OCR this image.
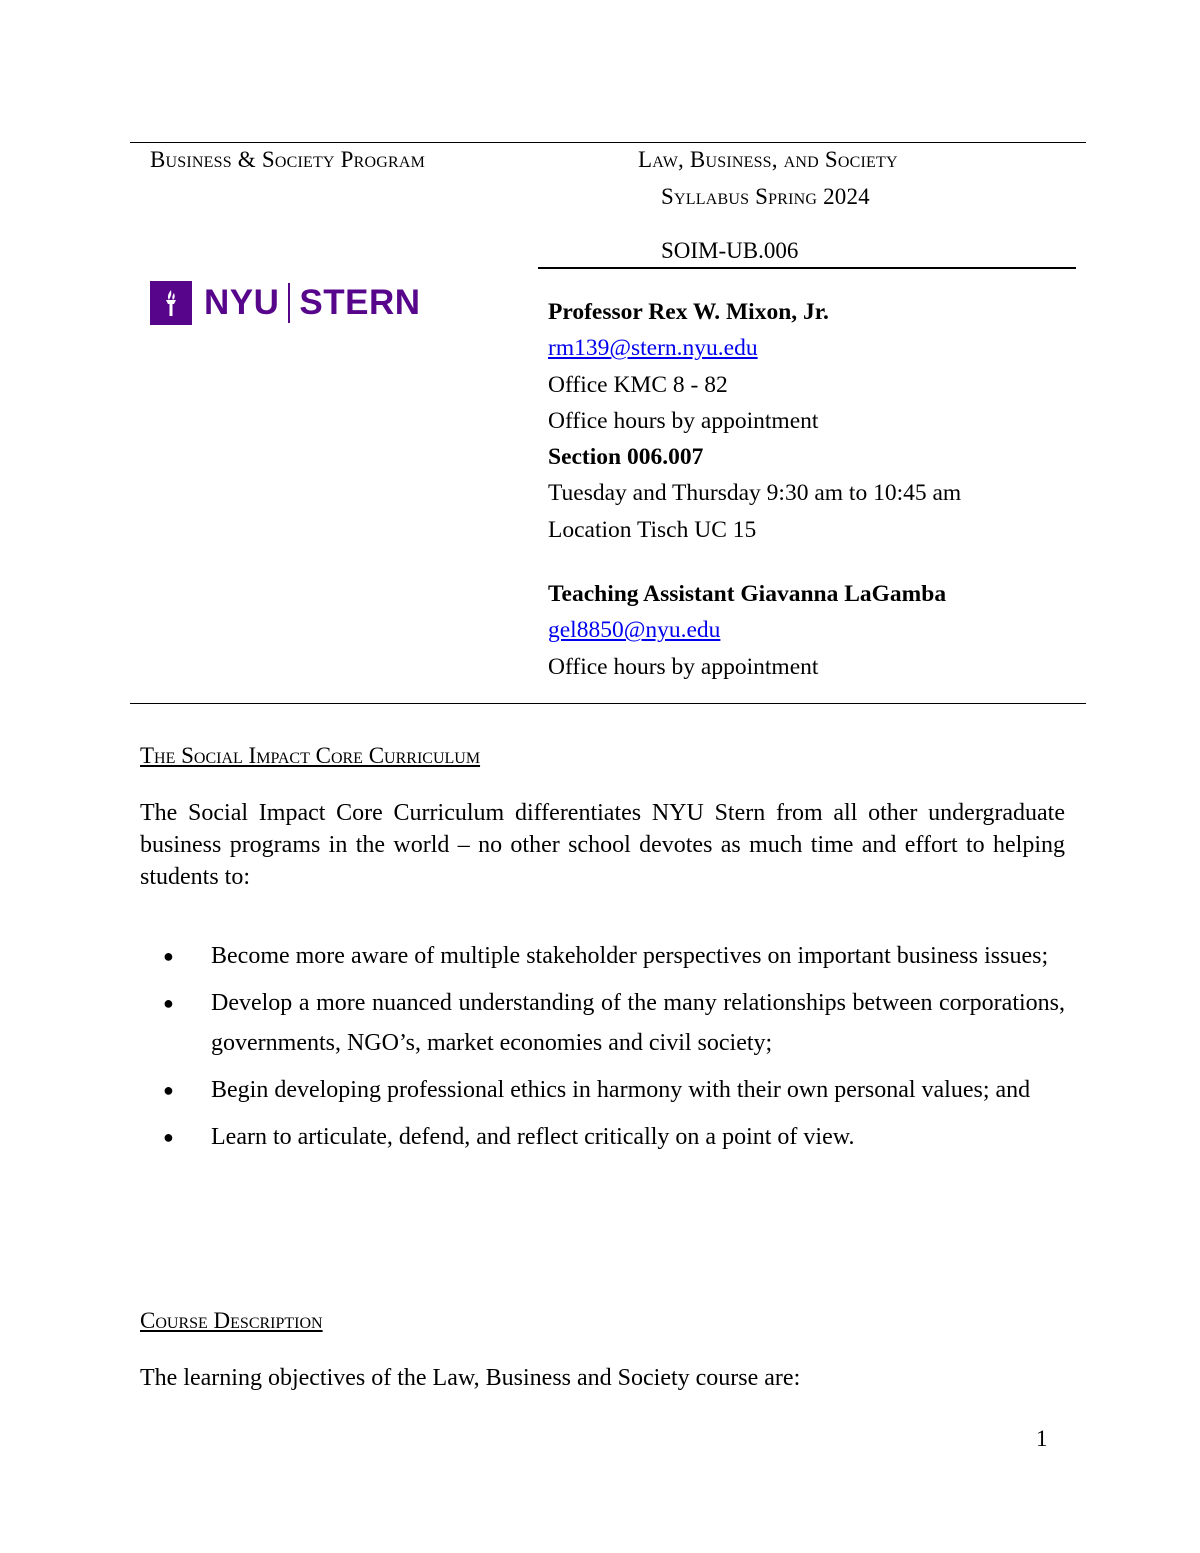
Business & Society Program	Law, Business, and Society
Syllabus Spring 2024
SOIM-UB.006
NYU STERN	Professor Rex W. Mixon, Jr.
rm139@stern.nyu.edu
Office KMC 8 - 82
Office hours by appointment
Section 006.007
Tuesday and Thursday 9:30 am to 10:45 am
Location Tisch UC 15
Teaching Assistant Giavanna LaGamba
gel8850@nyu.edu
Office hours by appointment
The Social Impact Core Curriculum
The Social Impact Core Curriculum differentiates NYU Stern from all other undergraduate business programs in the world – no other school devotes as much time and effort to helping students to:
●	Become more aware of multiple stakeholder perspectives on important business issues;
●	Develop a more nuanced understanding of the many relationships between corporations, governments, NGO’s, market economies and civil society;
●	Begin developing professional ethics in harmony with their own personal values; and
●	Learn to articulate, defend, and reflect critically on a point of view.
Course Description
The learning objectives of the Law, Business and Society course are:
1
